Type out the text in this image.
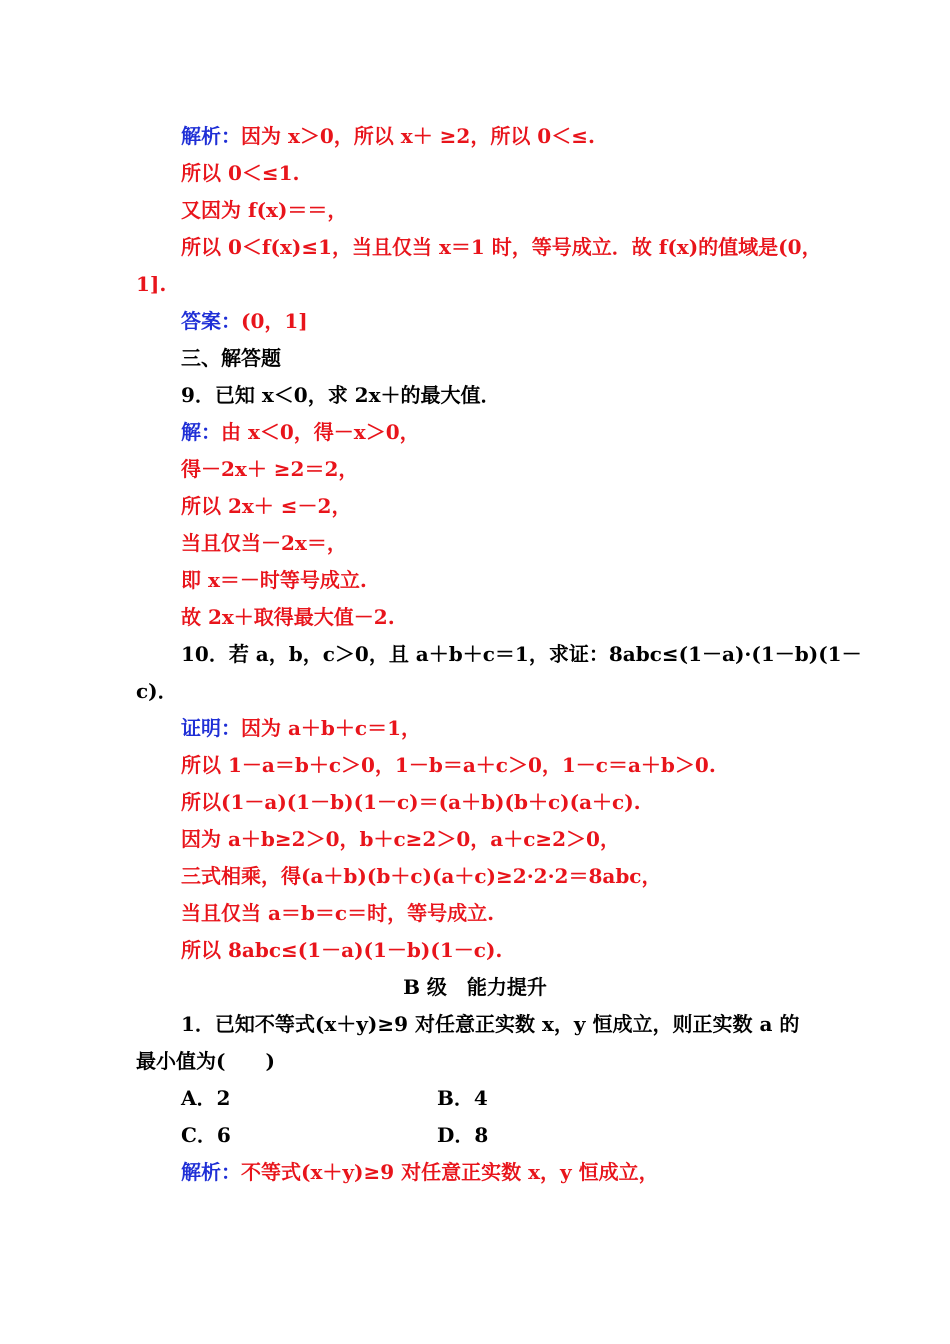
解析：因为 x＞0，所以 x＋ ≥2，所以 0＜≤.
所以 0＜≤1.
又因为 f(x)＝＝，
所以 0＜f(x)≤1，当且仅当 x＝1 时，等号成立．故 f(x)的值域是(0，
1].
答案：(0，1]
三、解答题
9．已知 x＜0，求 2x＋的最大值．
解：由 x＜0，得－x＞0，
得－2x＋ ≥2＝2，
所以 2x＋ ≤－2，
当且仅当－2x＝，
即 x＝－时等号成立.
故 2x＋取得最大值－2.
10．若 a，b，c＞0，且 a＋b＋c＝1，求证：8abc≤(1－a)·(1－b)(1－
c)．
证明：因为 a＋b＋c＝1，
所以 1－a＝b＋c＞0，1－b＝a＋c＞0，1－c＝a＋b＞0.
所以(1－a)(1－b)(1－c)＝(a＋b)(b＋c)(a＋c).
因为 a＋b≥2＞0，b＋c≥2＞0，a＋c≥2＞0，
三式相乘，得(a＋b)(b＋c)(a＋c)≥2·2·2＝8abc，
当且仅当 a＝b＝c＝时，等号成立.
所以 8abc≤(1－a)(1－b)(1－c).
B 级　能力提升
1．已知不等式(x＋y)≥9 对任意正实数 x，y 恒成立，则正实数 a 的
最小值为(　　)
A．2	B．4
C．6	D．8
解析：不等式(x＋y)≥9 对任意正实数 x，y 恒成立，
